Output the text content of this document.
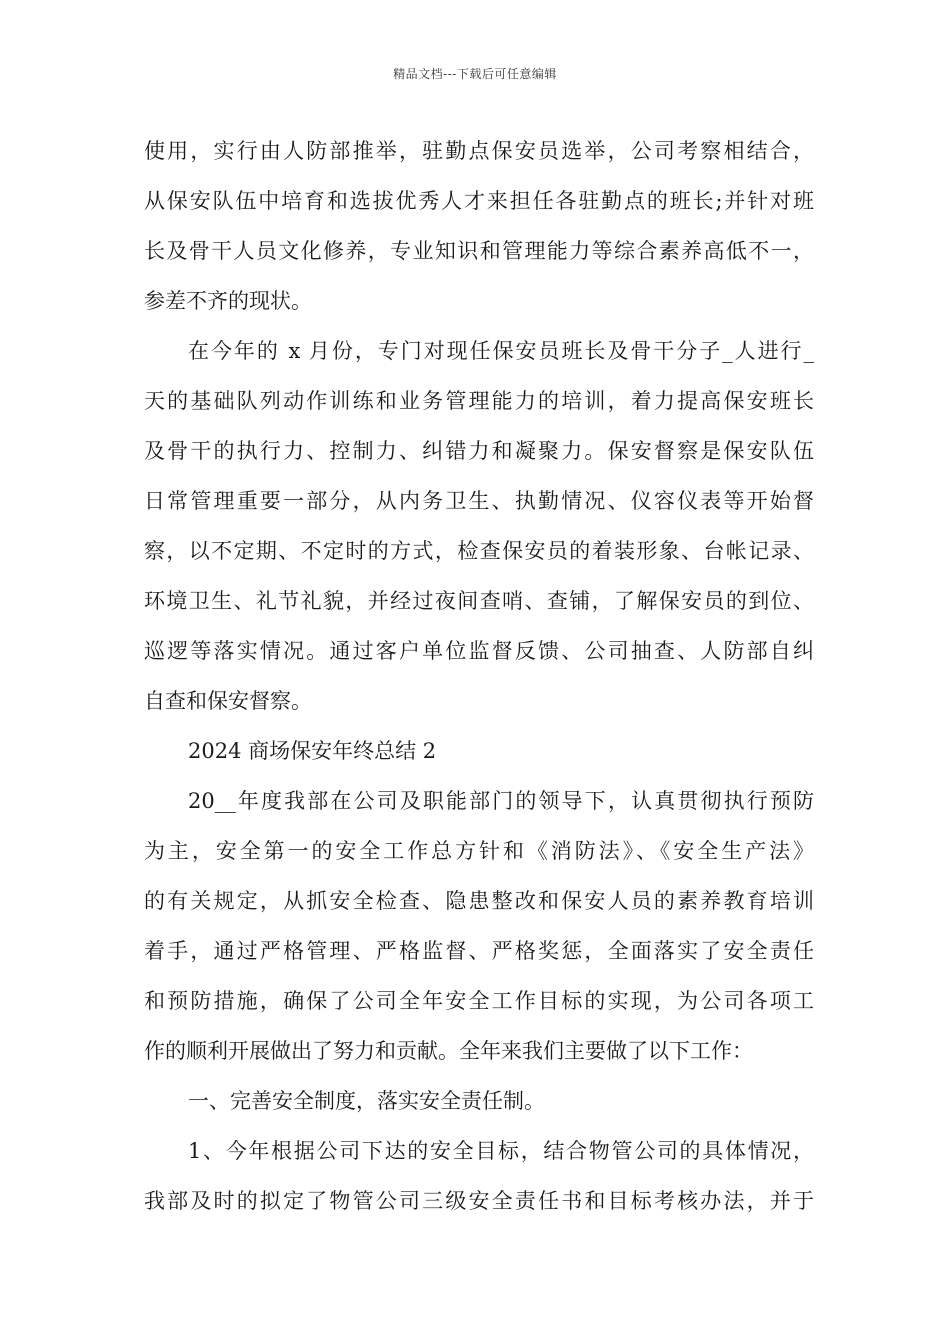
精品文档---下载后可任意编辑
使用，实行由人防部推举，驻勤点保安员选举，公司考察相结合，
从保安队伍中培育和选拔优秀人才来担任各驻勤点的班长;并针对班
长及骨干人员文化修养，专业知识和管理能力等综合素养高低不一，
参差不齐的现状。
在今年的 x 月份，专门对现任保安员班长及骨干分子_人进行_
天的基础队列动作训练和业务管理能力的培训，着力提高保安班长
及骨干的执行力、控制力、纠错力和凝聚力。保安督察是保安队伍
日常管理重要一部分，从内务卫生、执勤情况、仪容仪表等开始督
察，以不定期、不定时的方式，检查保安员的着装形象、台帐记录、
环境卫生、礼节礼貌，并经过夜间查哨、查铺，了解保安员的到位、
巡逻等落实情况。通过客户单位监督反馈、公司抽查、人防部自纠
自查和保安督察。
2024 商场保安年终总结 2
20__年度我部在公司及职能部门的领导下，认真贯彻执行预防
为主，安全第一的安全工作总方针和《消防法》、《安全生产法》
的有关规定，从抓安全检查、隐患整改和保安人员的素养教育培训
着手，通过严格管理、严格监督、严格奖惩，全面落实了安全责任
和预防措施，确保了公司全年安全工作目标的实现，为公司各项工
作的顺利开展做出了努力和贡献。全年来我们主要做了以下工作：
一、完善安全制度，落实安全责任制。
1、今年根据公司下达的安全目标，结合物管公司的具体情况，
我部及时的拟定了物管公司三级安全责任书和目标考核办法，并于
